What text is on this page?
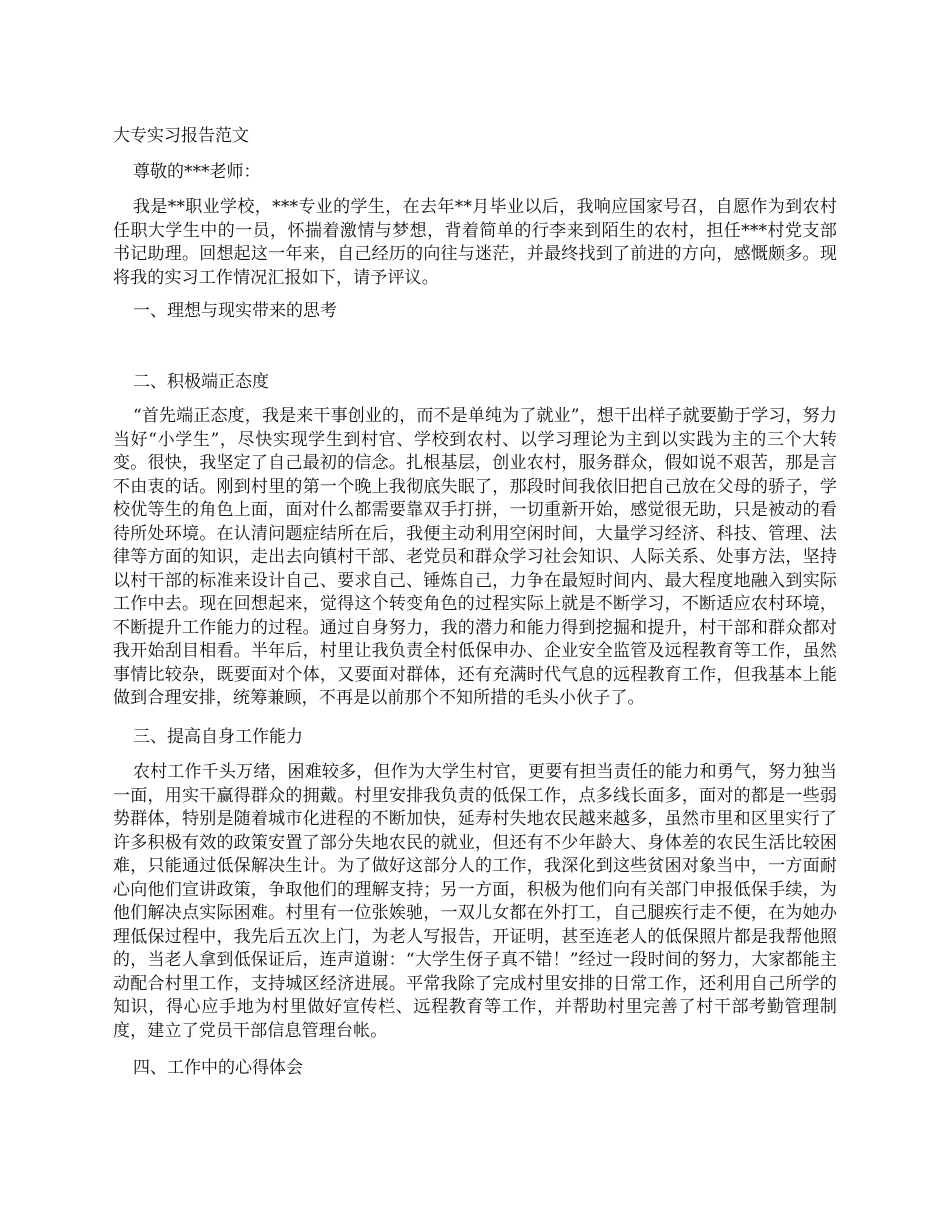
大专实习报告范文
尊敬的***老师：
我是**职业学校，***专业的学生，在去年**月毕业以后，我响应国家号召，自愿作为到农村任职大学生中的一员，怀揣着激情与梦想，背着简单的行李来到陌生的农村，担任***村党支部书记助理。回想起这一年来，自己经历的向往与迷茫，并最终找到了前进的方向，感慨颇多。现将我的实习工作情况汇报如下，请予评议。
一、理想与现实带来的思考
二、积极端正态度
“首先端正态度，我是来干事创业的，而不是单纯为了就业”，想干出样子就要勤于学习，努力当好“小学生”，尽快实现学生到村官、学校到农村、以学习理论为主到以实践为主的三个大转变。很快，我坚定了自己最初的信念。扎根基层，创业农村，服务群众，假如说不艰苦，那是言不由衷的话。刚到村里的第一个晚上我彻底失眠了，那段时间我依旧把自己放在父母的骄子，学校优等生的角色上面，面对什么都需要靠双手打拼，一切重新开始，感觉很无助，只是被动的看待所处环境。在认清问题症结所在后，我便主动利用空闲时间，大量学习经济、科技、管理、法律等方面的知识，走出去向镇村干部、老党员和群众学习社会知识、人际关系、处事方法，坚持以村干部的标准来设计自己、要求自己、锤炼自己，力争在最短时间内、最大程度地融入到实际工作中去。现在回想起来，觉得这个转变角色的过程实际上就是不断学习，不断适应农村环境，不断提升工作能力的过程。通过自身努力，我的潜力和能力得到挖掘和提升，村干部和群众都对我开始刮目相看。半年后，村里让我负责全村低保申办、企业安全监管及远程教育等工作，虽然事情比较杂，既要面对个体，又要面对群体，还有充满时代气息的远程教育工作，但我基本上能做到合理安排，统筹兼顾，不再是以前那个不知所措的毛头小伙子了。
三、提高自身工作能力
农村工作千头万绪，困难较多，但作为大学生村官，更要有担当责任的能力和勇气，努力独当一面，用实干赢得群众的拥戴。村里安排我负责的低保工作，点多线长面多，面对的都是一些弱势群体，特别是随着城市化进程的不断加快，延寿村失地农民越来越多，虽然市里和区里实行了许多积极有效的政策安置了部分失地农民的就业，但还有不少年龄大、身体差的农民生活比较困难，只能通过低保解决生计。为了做好这部分人的工作，我深化到这些贫困对象当中，一方面耐心向他们宣讲政策，争取他们的理解支持；另一方面，积极为他们向有关部门申报低保手续，为他们解决点实际困难。村里有一位张娭驰，一双儿女都在外打工，自己腿疾行走不便，在为她办理低保过程中，我先后五次上门，为老人写报告，开证明，甚至连老人的低保照片都是我帮他照的，当老人拿到低保证后，连声道谢：“大学生伢子真不错！”经过一段时间的努力，大家都能主动配合村里工作，支持城区经济进展。平常我除了完成村里安排的日常工作，还利用自己所学的知识，得心应手地为村里做好宣传栏、远程教育等工作，并帮助村里完善了村干部考勤管理制度，建立了党员干部信息管理台帐。
四、工作中的心得体会
